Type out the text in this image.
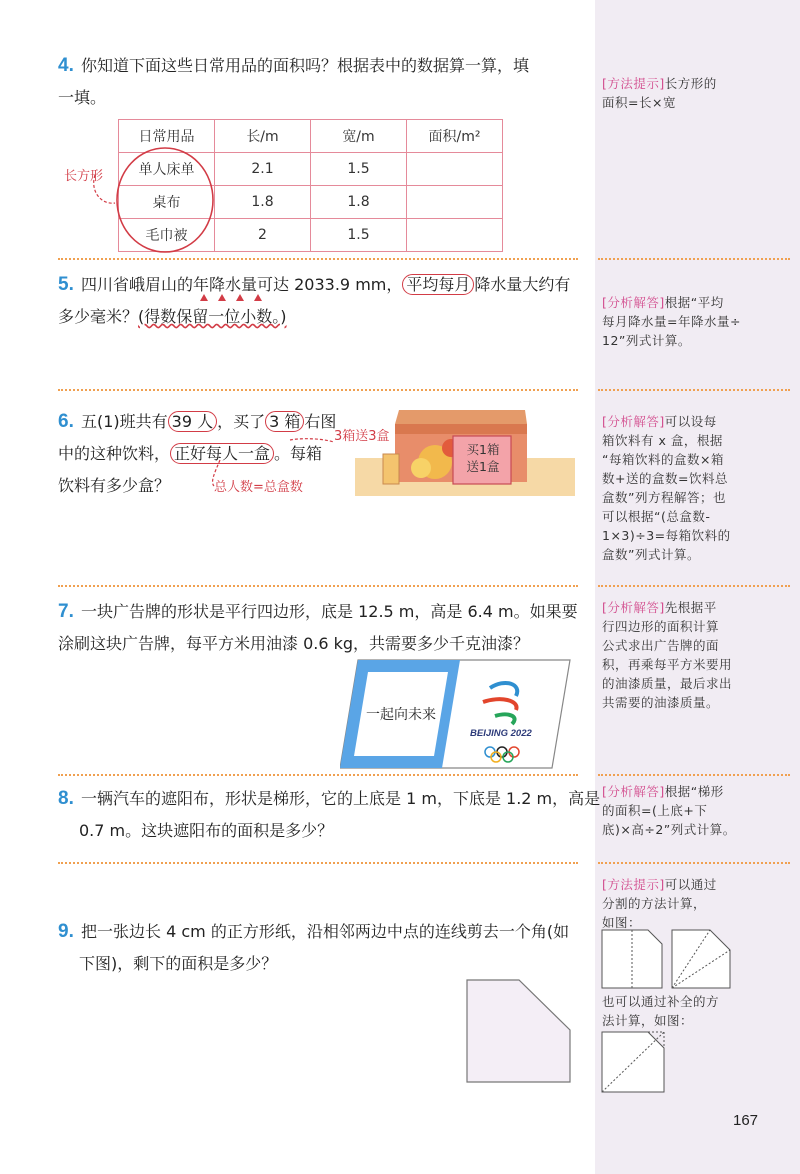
4. 你知道下面这些日常用品的面积吗？根据表中的数据算一算，填
一填。
日常用品	长/m	宽/m	面积/m²
单人床单	2.1	1.5	
桌布	1.8	1.8	
毛巾被	2	1.5	
长方形
[方法提示]长方形的
面积=长×宽
5. 四川省峨眉山的年降水量可达 2033.9 mm， 平均每月 降水量大约有
多少毫米？(得数保留一位小数。)
[分析解答]根据“平均
每月降水量=年降水量÷
12”列式计算。
6. 五(1)班共有 39 人 ，买了 3 箱 右图
中的这种饮料， 正好每人一盒 。每箱
饮料有多少盒？
3箱送3盒
总人数=总盒数
买1箱
送1盒
[分析解答]可以设每
箱饮料有 x 盒，根据
“每箱饮料的盒数×箱
数+送的盒数=饮料总
盒数”列方程解答；也
可以根据“(总盒数-
1×3)÷3=每箱饮料的
盒数”列式计算。
7. 一块广告牌的形状是平行四边形，底是 12.5 m，高是 6.4 m。如果要
涂刷这块广告牌，每平方米用油漆 0.6 kg，共需要多少千克油漆？
一起向未来
BEIJING 2022
[分析解答]先根据平
行四边形的面积计算
公式求出广告牌的面
积，再乘每平方米要用
的油漆质量，最后求出
共需要的油漆质量。
8. 一辆汽车的遮阳布，形状是梯形，它的上底是 1 m，下底是 1.2 m，高是
0.7 m。这块遮阳布的面积是多少？
[分析解答]根据“梯形
的面积=(上底+下
底)×高÷2”列式计算。
9. 把一张边长 4 cm 的正方形纸，沿相邻两边中点的连线剪去一个角(如
下图)，剩下的面积是多少？
[方法提示]可以通过
分割的方法计算，
如图：
也可以通过补全的方
法计算，如图：
167
